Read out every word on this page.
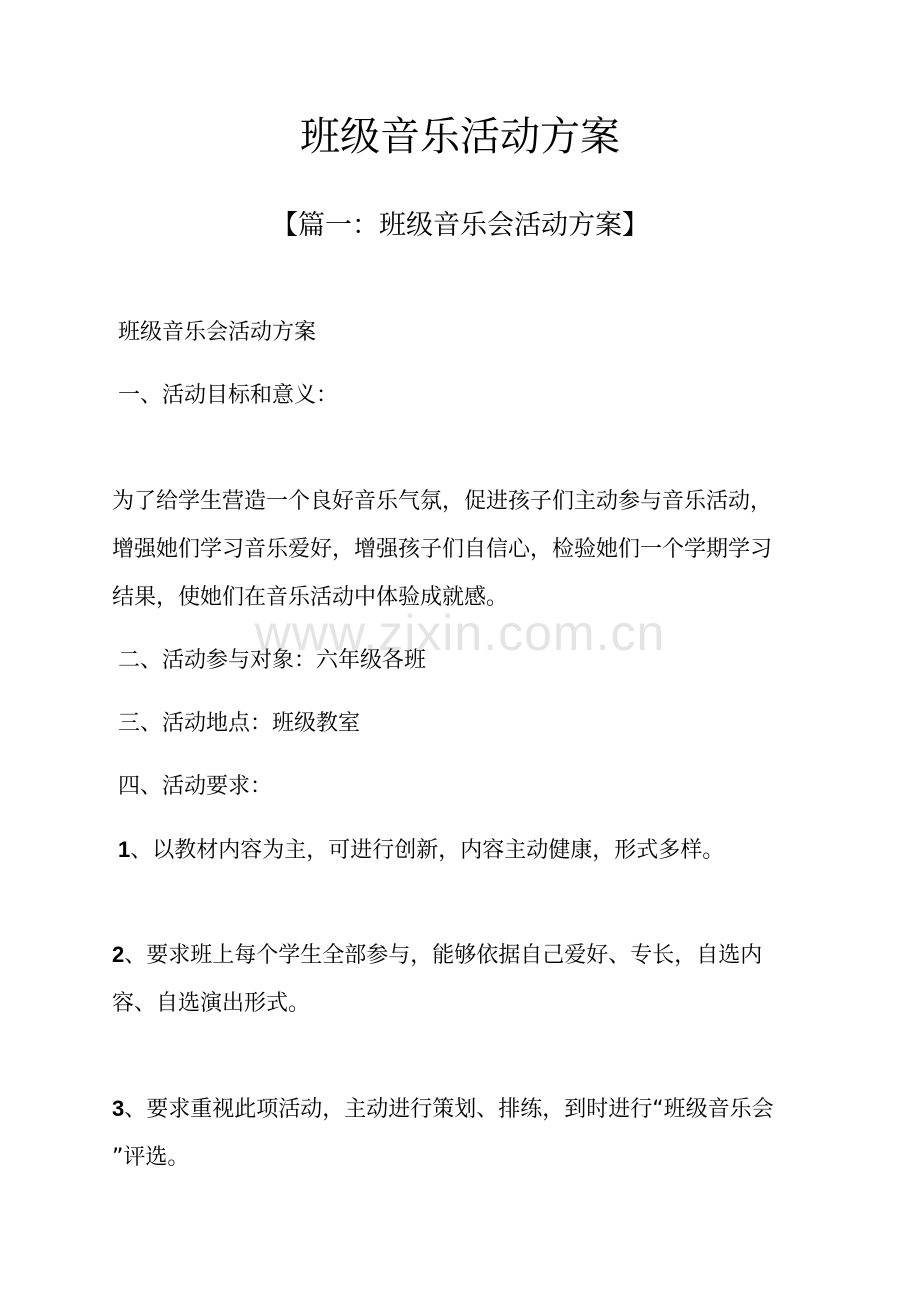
班级音乐活动方案
【篇一：班级音乐会活动方案】
班级音乐会活动方案
一、活动目标和意义：
为了给学生营造一个良好音乐气氛，促进孩子们主动参与音乐活动，
增强她们学习音乐爱好，增强孩子们自信心，检验她们一个学期学习
结果，使她们在音乐活动中体验成就感。
www.zixin.com.cn
二、活动参与对象：六年级各班
三、活动地点：班级教室
四、活动要求：
1、以教材内容为主，可进行创新，内容主动健康，形式多样。
2、要求班上每个学生全部参与，能够依据自己爱好、专长，自选内
容、自选演出形式。
3、要求重视此项活动，主动进行策划、排练，到时进行“班级音乐会
”评选。
